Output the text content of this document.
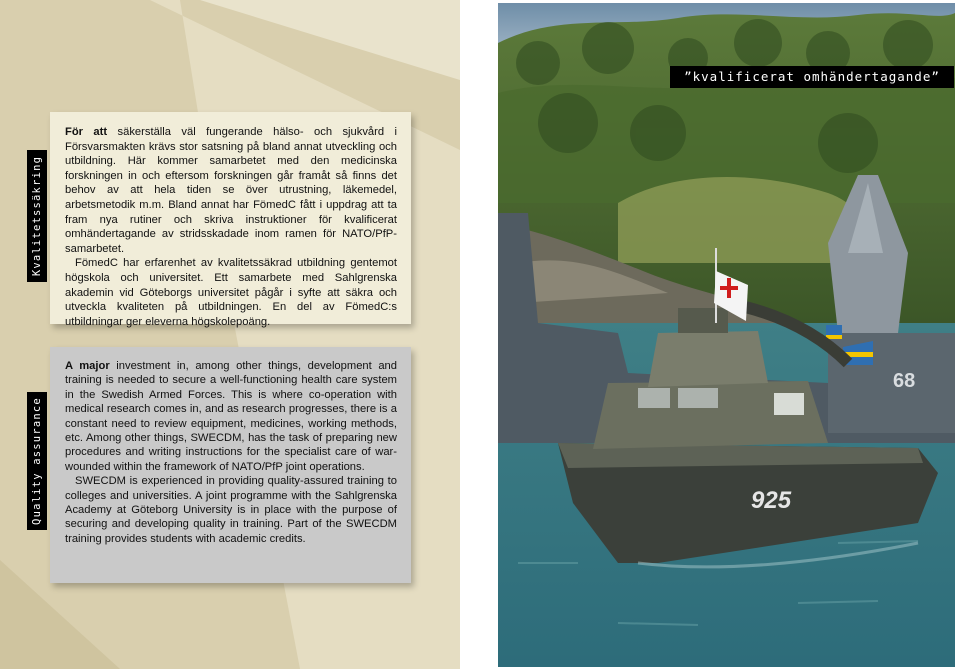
Kvalitetssäkring

För att säkerställa väl fungerande hälso- och sjukvård i Försvarsmakten krävs stor satsning på bland annat utveckling och utbildning. Här kommer samarbetet med den medicinska forskningen in och eftersom forskningen går framåt så finns det behov av att hela tiden se över utrustning, läkemedel, arbetsmetodik m.m. Bland annat har FömedC fått i uppdrag att ta fram nya rutiner och skriva instruktioner för kvalificerat omhändertagande av stridsskadade inom ramen för NATO/PfP-samarbetet.

FömedC har erfarenhet av kvalitetssäkrad utbildning gentemot högskola och universitet. Ett samarbete med Sahlgrenska akademin vid Göteborgs universitet pågår i syfte att säkra och utveckla kvaliteten på utbildningen. En del av FömedC:s utbildningar ger eleverna högskolepoäng.

Quality assurance

A major investment in, among other things, development and training is needed to secure a well-functioning health care system in the Swedish Armed Forces. This is where co-operation with medical research comes in, and as research progresses, there is a constant need to review equipment, medicines, working methods, etc. Among other things, SWECDM, has the task of preparing new procedures and writing instructions for the specialist care of war-wounded within the framework of NATO/PfP joint operations.

SWECDM is experienced in providing quality-assured training to colleges and universities. A joint programme with the Sahlgrenska Academy at Göteborg University is in place with the purpose of securing and developing quality in training. Part of the SWECDM training provides students with academic credits.

68
925
”kvalificerat omhändertagande”
